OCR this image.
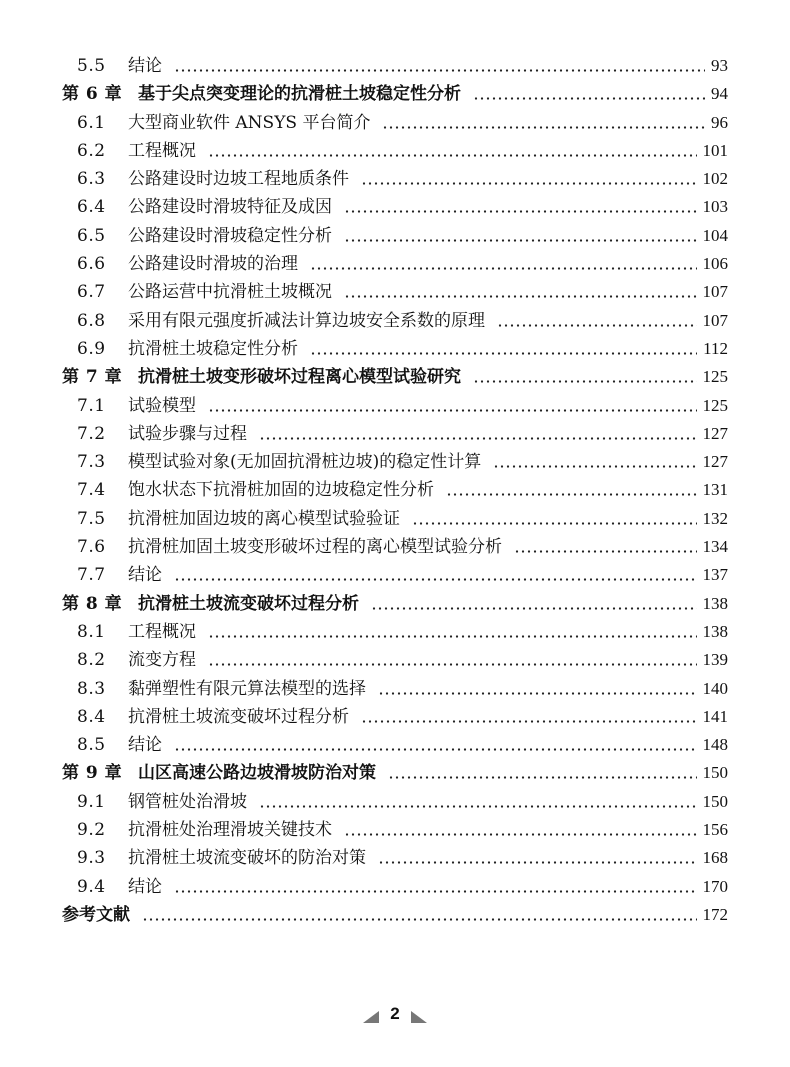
5.5 结论	93
第 6 章 基于尖点突变理论的抗滑桩土坡稳定性分析	94
6.1 大型商业软件 ANSYS 平台简介	96
6.2 工程概况	101
6.3 公路建设时边坡工程地质条件	102
6.4 公路建设时滑坡特征及成因	103
6.5 公路建设时滑坡稳定性分析	104
6.6 公路建设时滑坡的治理	106
6.7 公路运营中抗滑桩土坡概况	107
6.8 采用有限元强度折减法计算边坡安全系数的原理	107
6.9 抗滑桩土坡稳定性分析	112
第 7 章 抗滑桩土坡变形破坏过程离心模型试验研究	125
7.1 试验模型	125
7.2 试验步骤与过程	127
7.3 模型试验对象(无加固抗滑桩边坡)的稳定性计算	127
7.4 饱水状态下抗滑桩加固的边坡稳定性分析	131
7.5 抗滑桩加固边坡的离心模型试验验证	132
7.6 抗滑桩加固土坡变形破坏过程的离心模型试验分析	134
7.7 结论	137
第 8 章 抗滑桩土坡流变破坏过程分析	138
8.1 工程概况	138
8.2 流变方程	139
8.3 黏弹塑性有限元算法模型的选择	140
8.4 抗滑桩土坡流变破坏过程分析	141
8.5 结论	148
第 9 章 山区高速公路边坡滑坡防治对策	150
9.1 钢管桩处治滑坡	150
9.2 抗滑桩处治理滑坡关键技术	156
9.3 抗滑桩土坡流变破坏的防治对策	168
9.4 结论	170
参考文献	172
2
